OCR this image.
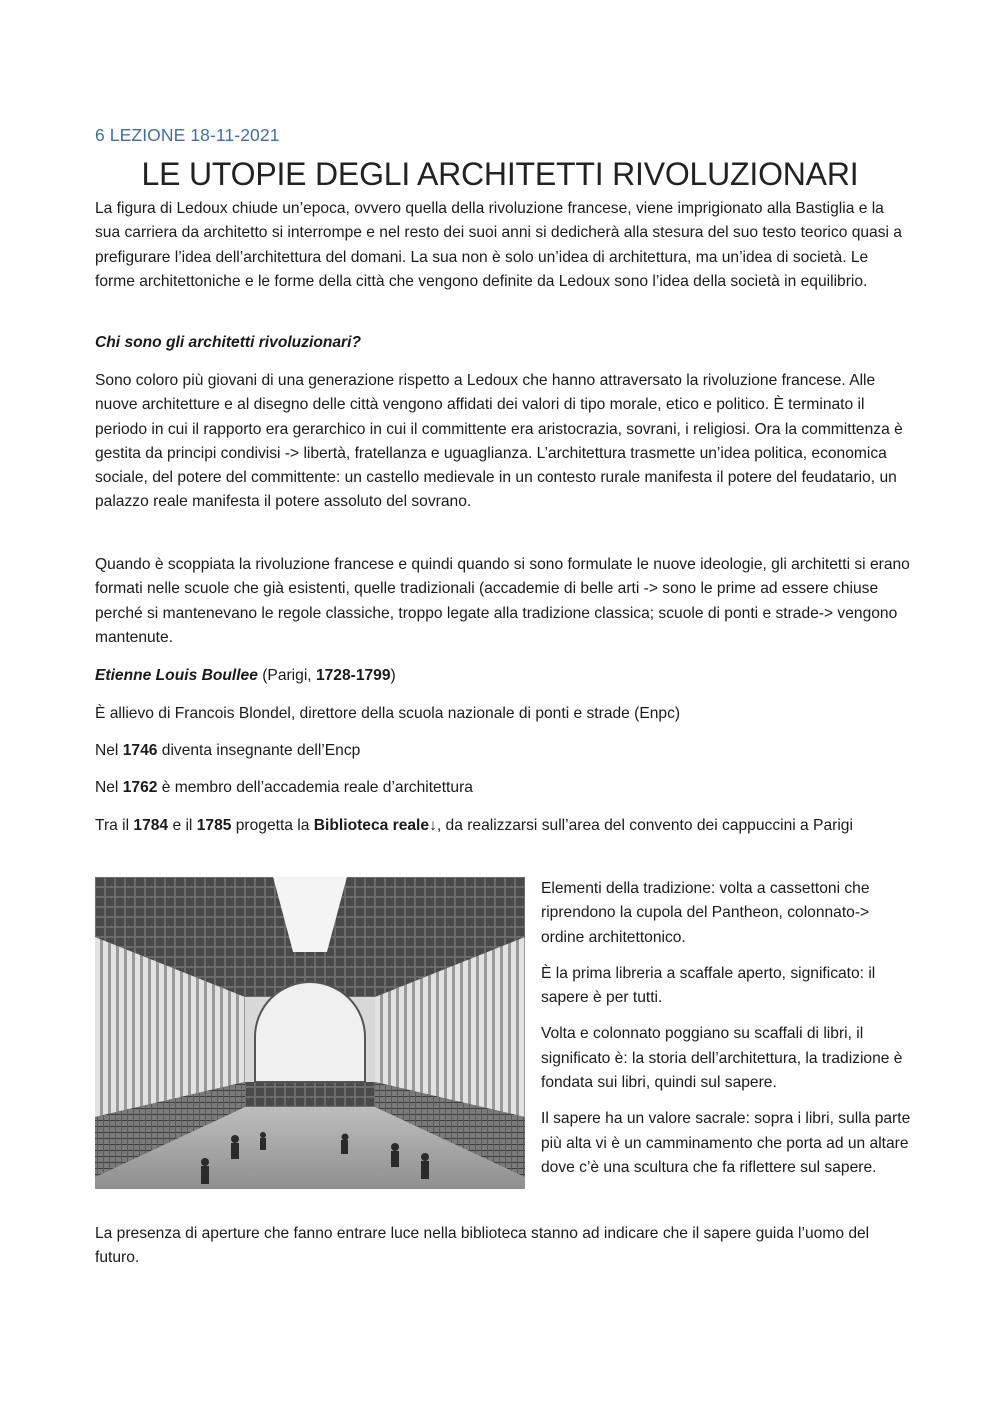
6 LEZIONE 18-11-2021
LE UTOPIE DEGLI ARCHITETTI RIVOLUZIONARI

La figura di Ledoux chiude un’epoca, ovvero quella della rivoluzione francese, viene imprigionato alla Bastiglia e la sua carriera da architetto si interrompe e nel resto dei suoi anni si dedicherà alla stesura del suo testo teorico quasi a prefigurare l’idea dell’architettura del domani. La sua non è solo un’idea di architettura, ma un’idea di società. Le forme architettoniche e le forme della città che vengono definite da Ledoux sono l’idea della società in equilibrio.

Chi sono gli architetti rivoluzionari?

Sono coloro più giovani di una generazione rispetto a Ledoux che hanno attraversato la rivoluzione francese. Alle nuove architetture e al disegno delle città vengono affidati dei valori di tipo morale, etico e politico. È terminato il periodo in cui il rapporto era gerarchico in cui il committente era aristocrazia, sovrani, i religiosi. Ora la committenza è gestita da principi condivisi -> libertà, fratellanza e uguaglianza. L’architettura trasmette un’idea politica, economica sociale, del potere del committente: un castello medievale in un contesto rurale manifesta il potere del feudatario, un palazzo reale manifesta il potere assoluto del sovrano.

Quando è scoppiata la rivoluzione francese e quindi quando si sono formulate le nuove ideologie, gli architetti si erano formati nelle scuole che già esistenti, quelle tradizionali (accademie di belle arti -> sono le prime ad essere chiuse perché si mantenevano le regole classiche, troppo legate alla tradizione classica; scuole di ponti e strade-> vengono mantenute.

Etienne Louis Boullee (Parigi, 1728-1799)

È allievo di Francois Blondel, direttore della scuola nazionale di ponti e strade (Enpc)

Nel 1746 diventa insegnante dell’Encp

Nel 1762 è membro dell’accademia reale d’architettura

Tra il 1784 e il 1785 progetta la Biblioteca reale↓, da realizzarsi sull’area del convento dei cappuccini a Parigi

Elementi della tradizione: volta a cassettoni che riprendono la cupola del Pantheon, colonnato-> ordine architettonico.

È la prima libreria a scaffale aperto, significato: il sapere è per tutti.

Volta e colonnato poggiano su scaffali di libri, il significato è: la storia dell’architettura, la tradizione è fondata sui libri, quindi sul sapere.

Il sapere ha un valore sacrale: sopra i libri, sulla parte più alta vi è un camminamento che porta ad un altare dove c’è una scultura che fa riflettere sul sapere.

La presenza di aperture che fanno entrare luce nella biblioteca stanno ad indicare che il sapere guida l’uomo del futuro.
